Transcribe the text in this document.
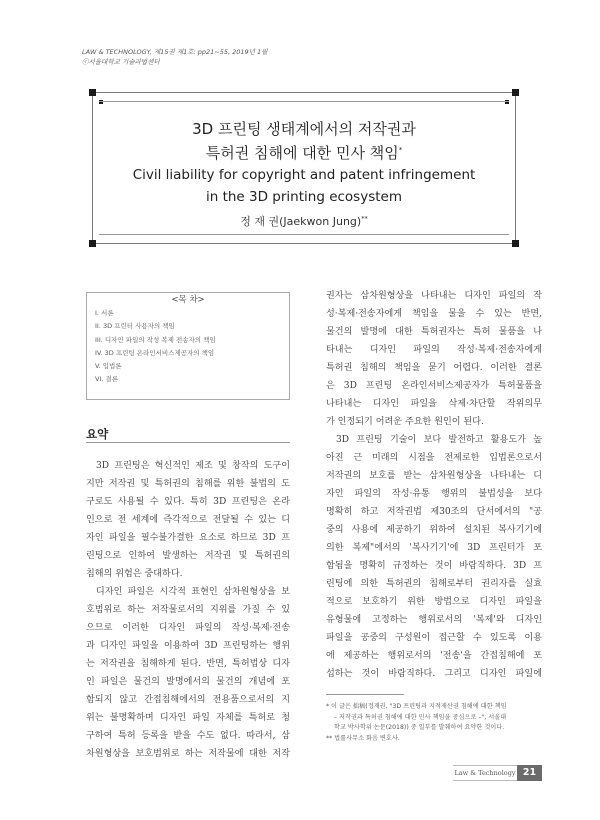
LAW & TECHNOLOGY, 제15권 제1호: pp21~55, 2019년 1월
ⓒ서울대학교 기술과법센터
3D 프린팅 생태계에서의 저작권과
특허권 침해에 대한 민사 책임*
Civil liability for copyright and patent infringement
in the 3D printing ecosystem
정 재 권(Jaekwon Jung)**
<목 차>
I. 서론
II. 3D 프린터 사용자의 책임
III. 디자인 파일의 작성 복제 전송자의 책임
IV. 3D 프린팅 온라인서비스제공자의 책임
V. 입법론
VI. 결론
요약

3D 프린팅은 혁신적인 제조 및 창작의 도구이

지만 저작권 및 특허권의 침해를 위한 불법의 도

구로도 사용될 수 있다. 특히 3D 프린팅은 온라

인으로 전 세계에 즉각적으로 전달될 수 있는 디

자인 파일을 필수불가결한 요소로 하므로 3D 프

린팅으로 인하여 발생하는 저작권 및 특허권의

침해의 위험은 중대하다.

디자인 파일은 시각적 표현인 삼차원형상을 보

호범위로 하는 저작물로서의 지위를 가질 수 있

으므로 이러한 디자인 파일의 작성·복제·전송

과 디자인 파일을 이용하여 3D 프린팅하는 행위

는 저작권을 침해하게 된다. 반면, 특허법상 디자

인 파일은 물건의 발명에서의 물건의 개념에 포

함되지 않고 간접침해에서의 전용품으로서의 지

위는 불명확하며 디자인 파일 자체를 특허로 청

구하여 특허 등록을 받을 수도 없다. 따라서, 삼

차원형상을 보호범위로 하는 저작물에 대한 저작

권자는 삼차원형상을 나타내는 디자인 파일의 작

성·복제·전송자에게 책임을 물을 수 있는 반면,

물건의 발명에 대한 특허권자는 특허 물품을 나

타내는 디자인 파일의 작성·복제·전송자에게

특허권 침해의 책임을 묻기 어렵다. 이러한 결론

은 3D 프린팅 온라인서비스제공자가 특허물품을

나타내는 디자인 파일을 삭제·차단할 작위의무

가 인정되기 어려운 주요한 원인이 된다.

3D 프린팅 기술이 보다 발전하고 활용도가 높

아진 근 미래의 시점을 전제로한 입법론으로서

저작권의 보호를 받는 삼차원형상을 나타내는 디

자인 파일의 작성·유통 행위의 불법성을 보다

명확히 하고 저작권법 제30조의 단서에서의 "공

중의 사용에 제공하기 위하여 설치된 복사기기에

의한 복제"에서의 '복사기기'에 3D 프린터가 포

함됨을 명확히 규정하는 것이 바람직하다. 3D 프

린팅에 의한 특허권의 침해로부터 권리자를 실효

적으로 보호하기 위한 방법으로 디자인 파일을

유형물에 고정하는 행위로서의 '복제'와 디자인

파일을 공중의 구성원이 접근할 수 있도록 이용

에 제공하는 행위로서의 '전송'을 간접침해에 포

섭하는 것이 바람직하다. 그리고 디자인 파일에

* 이 글은 拙稿(정재권, "3D 프린팅과 지적재산권 침해에 대한 책임

– 저작권과 특허권 침해에 대한 민사 책임을 중심으로 –", 서울대

학교 박사학위 논문(2018)) 중 일부를 발췌하여 요약한 것이다.

** 법률사무소 화음 변호사.

Law & Technology 21
